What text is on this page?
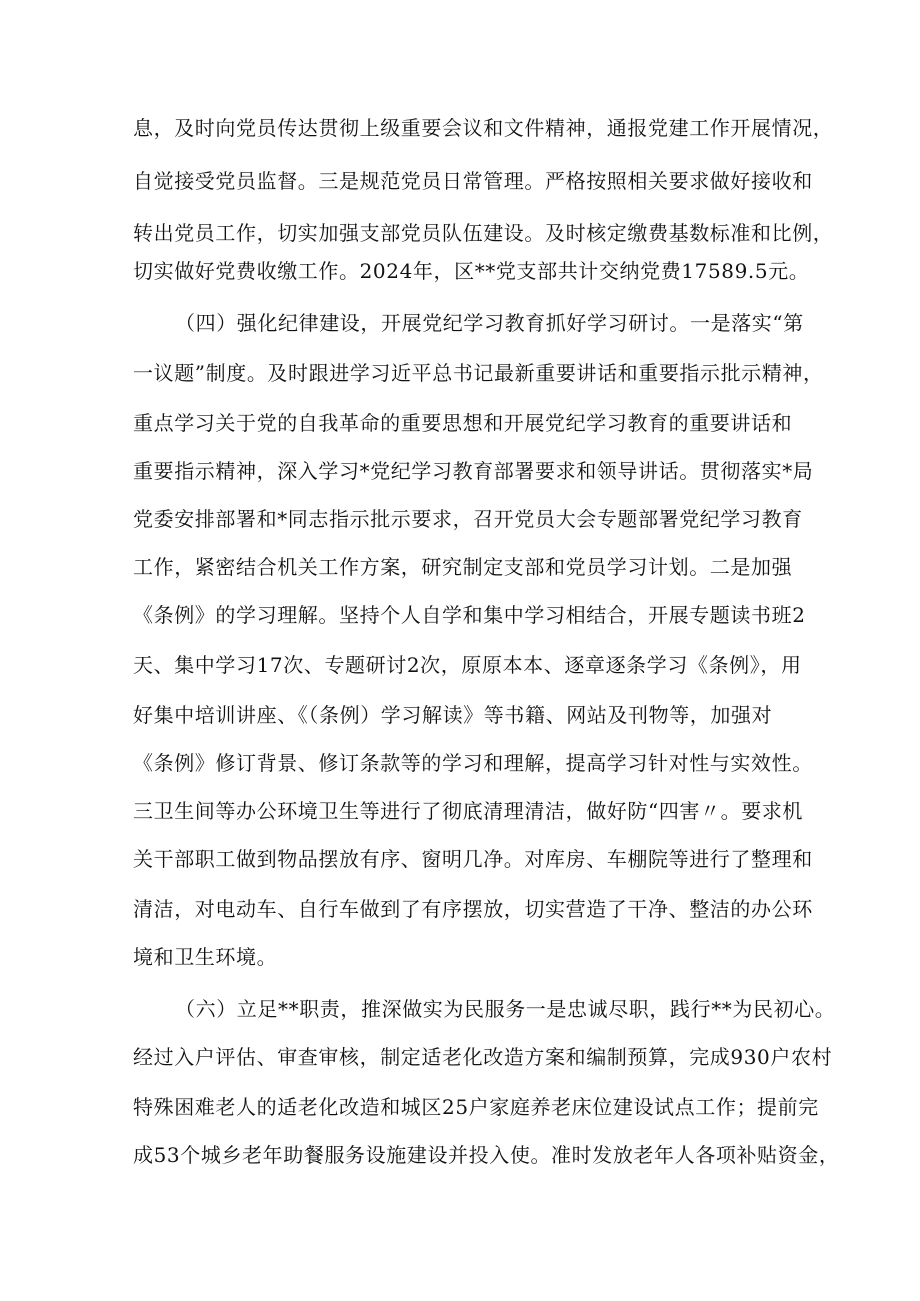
息，及时向党员传达贯彻上级重要会议和文件精神，通报党建工作开展情况，
自觉接受党员监督。三是规范党员日常管理。严格按照相关要求做好接收和
转出党员工作，切实加强支部党员队伍建设。及时核定缴费基数标准和比例，
切实做好党费收缴工作。2024年，区**党支部共计交纳党费17589.5元。
（四）强化纪律建设，开展党纪学习教育抓好学习研讨。一是落实“第
一议题”制度。及时跟进学习近平总书记最新重要讲话和重要指示批示精神，
重点学习关于党的自我革命的重要思想和开展党纪学习教育的重要讲话和
重要指示精神，深入学习*党纪学习教育部署要求和领导讲话。贯彻落实*局
党委安排部署和*同志指示批示要求，召开党员大会专题部署党纪学习教育
工作，紧密结合机关工作方案，研究制定支部和党员学习计划。二是加强
《条例》的学习理解。坚持个人自学和集中学习相结合，开展专题读书班2
天、集中学习17次、专题研讨2次，原原本本、逐章逐条学习《条例》，用
好集中培训讲座、《（条例）学习解读》等书籍、网站及刊物等，加强对
《条例》修订背景、修订条款等的学习和理解，提高学习针对性与实效性。
三卫生间等办公环境卫生等进行了彻底清理清洁，做好防“四害〃。要求机
关干部职工做到物品摆放有序、窗明几净。对库房、车棚院等进行了整理和
清洁，对电动车、自行车做到了有序摆放，切实营造了干净、整洁的办公环
境和卫生环境。
（六）立足**职责，推深做实为民服务一是忠诚尽职，践行**为民初心。
经过入户评估、审查审核，制定适老化改造方案和编制预算，完成930户农村
特殊困难老人的适老化改造和城区25户家庭养老床位建设试点工作；提前完
成53个城乡老年助餐服务设施建设并投入使。准时发放老年人各项补贴资金，
